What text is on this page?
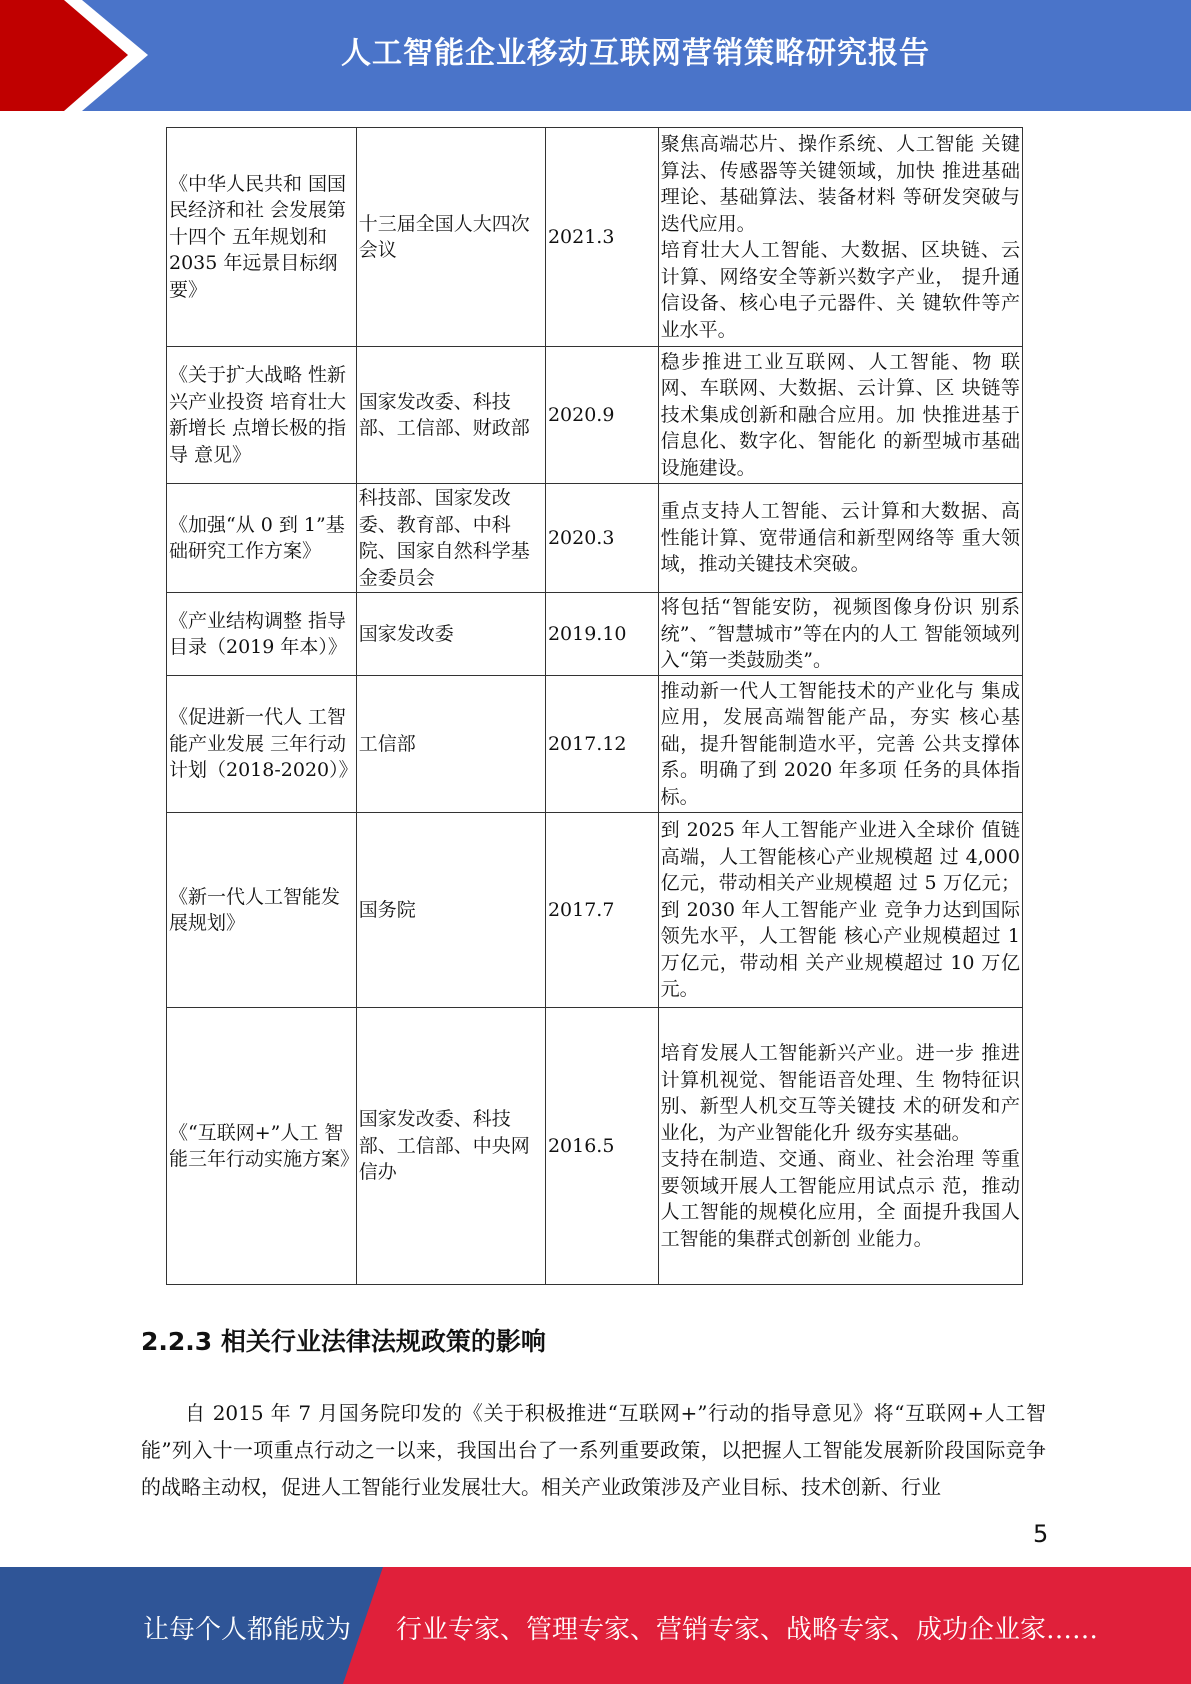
人工智能企业移动互联网营销策略研究报告
《中华人民共和 国国民经济和社 会发展第十四个 五年规划和 2035 年远景目标纲要》	十三届全国人大四次会议	2021.3	聚焦高端芯片、操作系统、人工智能 关键算法、传感器等关键领域，加快 推进基础理论、基础算法、装备材料 等研发突破与迭代应用。
培育壮大人工智能、大数据、区块链、云计算、网络安全等新兴数字产业， 提升通信设备、核心电子元器件、关 键软件等产业水平。

《关于扩大战略 性新兴产业投资 培育壮大新增长 点增长极的指导 意见》	国家发改委、科技部、工信部、财政部	2020.9	稳步推进工业互联网、人工智能、物 联网、车联网、大数据、云计算、区 块链等技术集成创新和融合应用。加 快推进基于信息化、数字化、智能化 的新型城市基础设施建设。

《加强“从 0 到 1”基础研究工作方案》	科技部、国家发改委、教育部、中科院、国家自然科学基金委员会	2020.3	重点支持人工智能、云计算和大数据、高性能计算、宽带通信和新型网络等 重大领域，推动关键技术突破。

《产业结构调整 指导目录（2019 年本）》	国家发改委	2019.10	将包括“智能安防，视频图像身份识 别系统”、″智慧城市”等在内的人工 智能领域列入“第一类鼓励类”。

《促进新一代人 工智能产业发展 三年行动计划（2018-2020）》	工信部	2017.12	推动新一代人工智能技术的产业化与 集成应用，发展高端智能产品，夯实 核心基础，提升智能制造水平，完善 公共支撑体系。明确了到 2020 年多项 任务的具体指标。

《新一代人工智能发展规划》	国务院	2017.7	到 2025 年人工智能产业进入全球价 值链高端，人工智能核心产业规模超 过 4,000 亿元，带动相关产业规模超 过 5 万亿元；到 2030 年人工智能产业 竞争力达到国际领先水平，人工智能 核心产业规模超过 1 万亿元，带动相 关产业规模超过 10 万亿元。

《“互联网+”人工 智能三年行动实施方案》	国家发改委、科技部、工信部、中央网信办	2016.5	培育发展人工智能新兴产业。进一步 推进计算机视觉、智能语音处理、生 物特征识别、新型人机交互等关键技 术的研发和产业化，为产业智能化升 级夯实基础。
支持在制造、交通、商业、社会治理 等重要领域开展人工智能应用试点示 范，推动人工智能的规模化应用，全 面提升我国人工智能的集群式创新创 业能力。
2.2.3 相关行业法律法规政策的影响
自 2015 年 7 月国务院印发的《关于积极推进“互联网+”行动的指导意见》将“互联网+人工智能”列入十一项重点行动之一以来，我国出台了一系列重要政策，以把握人工智能发展新阶段国际竞争的战略主动权，促进人工智能行业发展壮大。相关产业政策涉及产业目标、技术创新、行业
5
让每个人都能成为 行业专家、管理专家、营销专家、战略专家、成功企业家……
